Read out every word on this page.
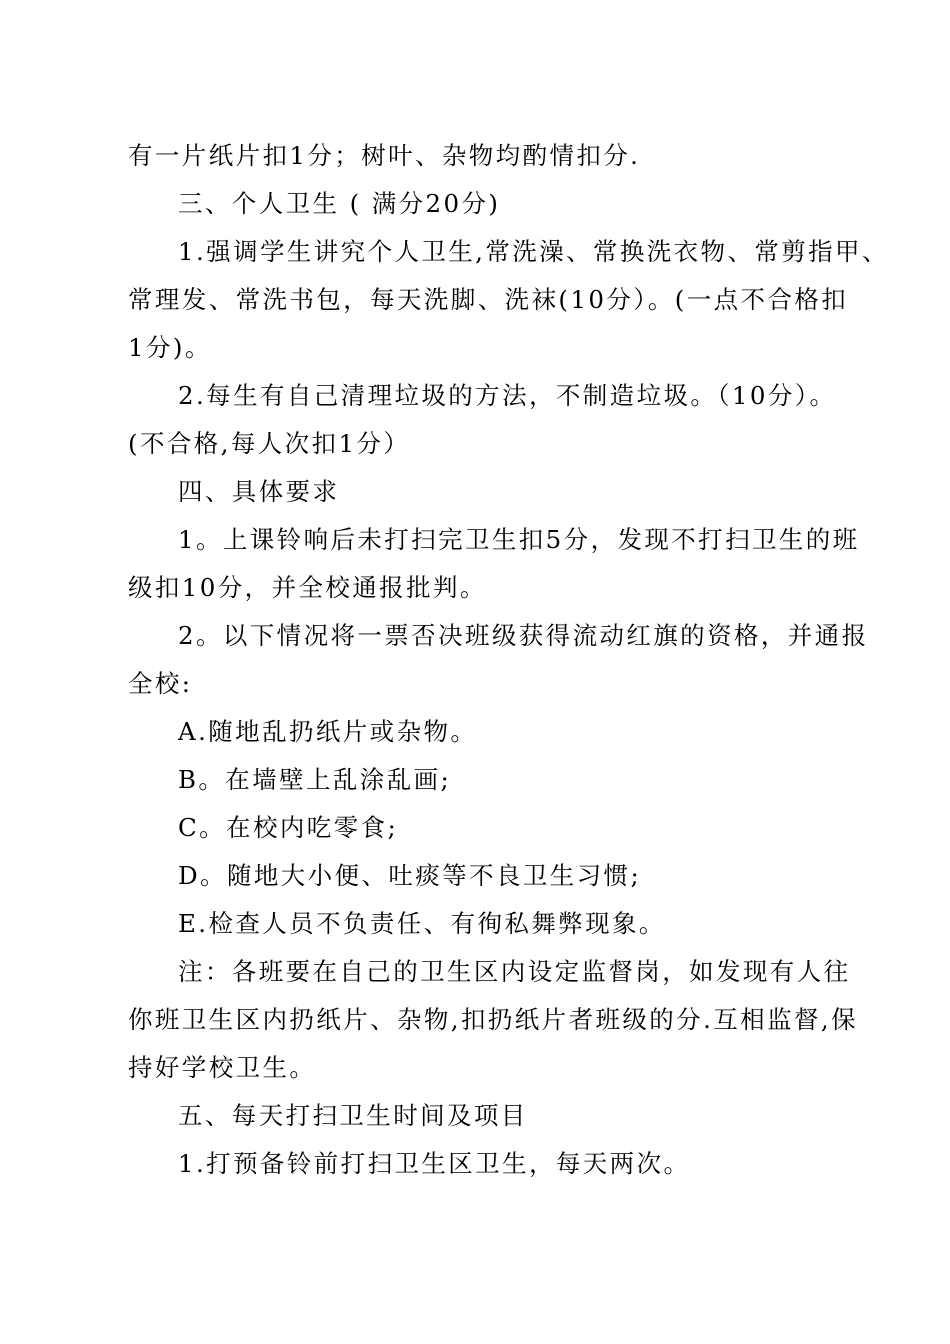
有一片纸片扣1分；树叶、杂物均酌情扣分.
三、个人卫生 ( 满分20分)
1.强调学生讲究个人卫生,常洗澡、常换洗衣物、常剪指甲、
常理发、常洗书包，每天洗脚、洗袜(10分）。(一点不合格扣
1分)。
2.每生有自己清理垃圾的方法，不制造垃圾。（10分）。
(不合格,每人次扣1分）
四、具体要求
1。上课铃响后未打扫完卫生扣5分，发现不打扫卫生的班
级扣10分，并全校通报批判。
2。以下情况将一票否决班级获得流动红旗的资格，并通报
全校:
A.随地乱扔纸片或杂物。
B。在墙壁上乱涂乱画;
C。在校内吃零食;
D。随地大小便、吐痰等不良卫生习惯;
E.检查人员不负责任、有徇私舞弊现象。
注：各班要在自己的卫生区内设定监督岗，如发现有人往
你班卫生区内扔纸片、杂物,扣扔纸片者班级的分.互相监督,保
持好学校卫生。
五、每天打扫卫生时间及项目
1.打预备铃前打扫卫生区卫生，每天两次。
